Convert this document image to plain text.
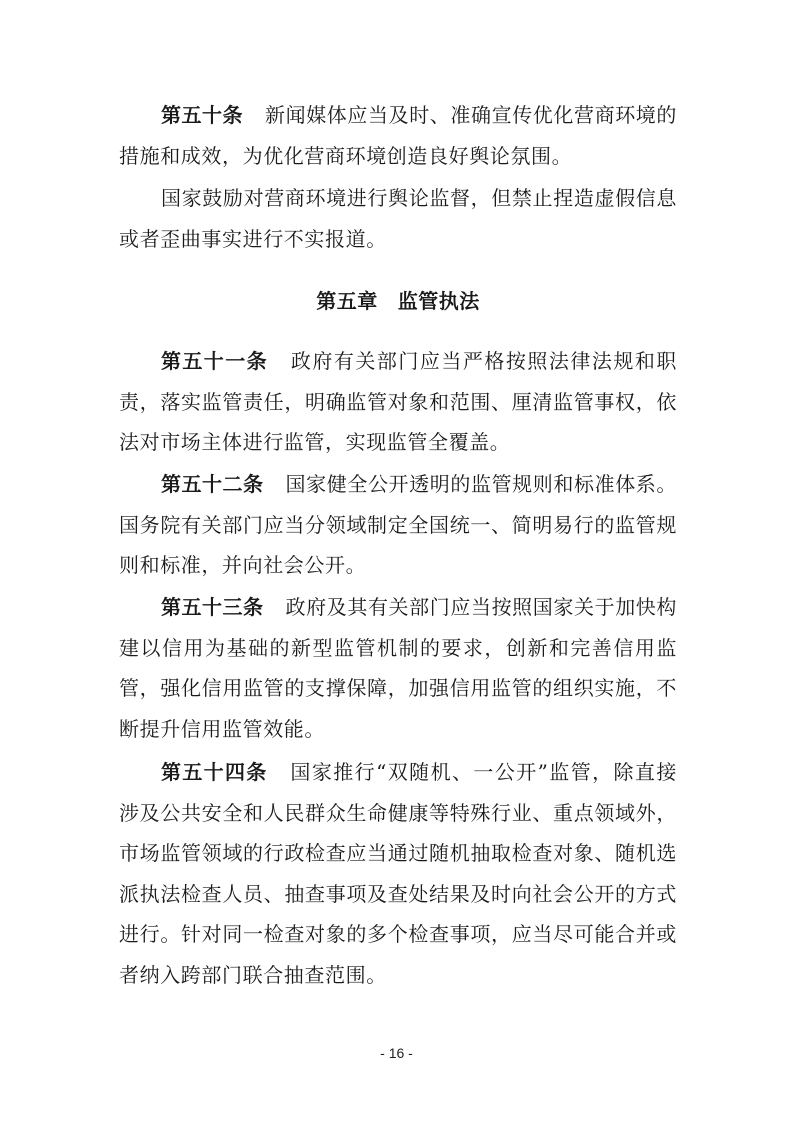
第五十条 新闻媒体应当及时、准确宣传优化营商环境的措施和成效，为优化营商环境创造良好舆论氛围。

国家鼓励对营商环境进行舆论监督，但禁止捏造虚假信息或者歪曲事实进行不实报道。

第五章 监管执法

第五十一条 政府有关部门应当严格按照法律法规和职责，落实监管责任，明确监管对象和范围、厘清监管事权，依法对市场主体进行监管，实现监管全覆盖。

第五十二条 国家健全公开透明的监管规则和标准体系。国务院有关部门应当分领域制定全国统一、简明易行的监管规则和标准，并向社会公开。

第五十三条 政府及其有关部门应当按照国家关于加快构建以信用为基础的新型监管机制的要求，创新和完善信用监管，强化信用监管的支撑保障，加强信用监管的组织实施，不断提升信用监管效能。

第五十四条 国家推行“双随机、一公开”监管，除直接涉及公共安全和人民群众生命健康等特殊行业、重点领域外，市场监管领域的行政检查应当通过随机抽取检查对象、随机选派执法检查人员、抽查事项及查处结果及时向社会公开的方式进行。针对同一检查对象的多个检查事项，应当尽可能合并或者纳入跨部门联合抽查范围。

- 16 -
